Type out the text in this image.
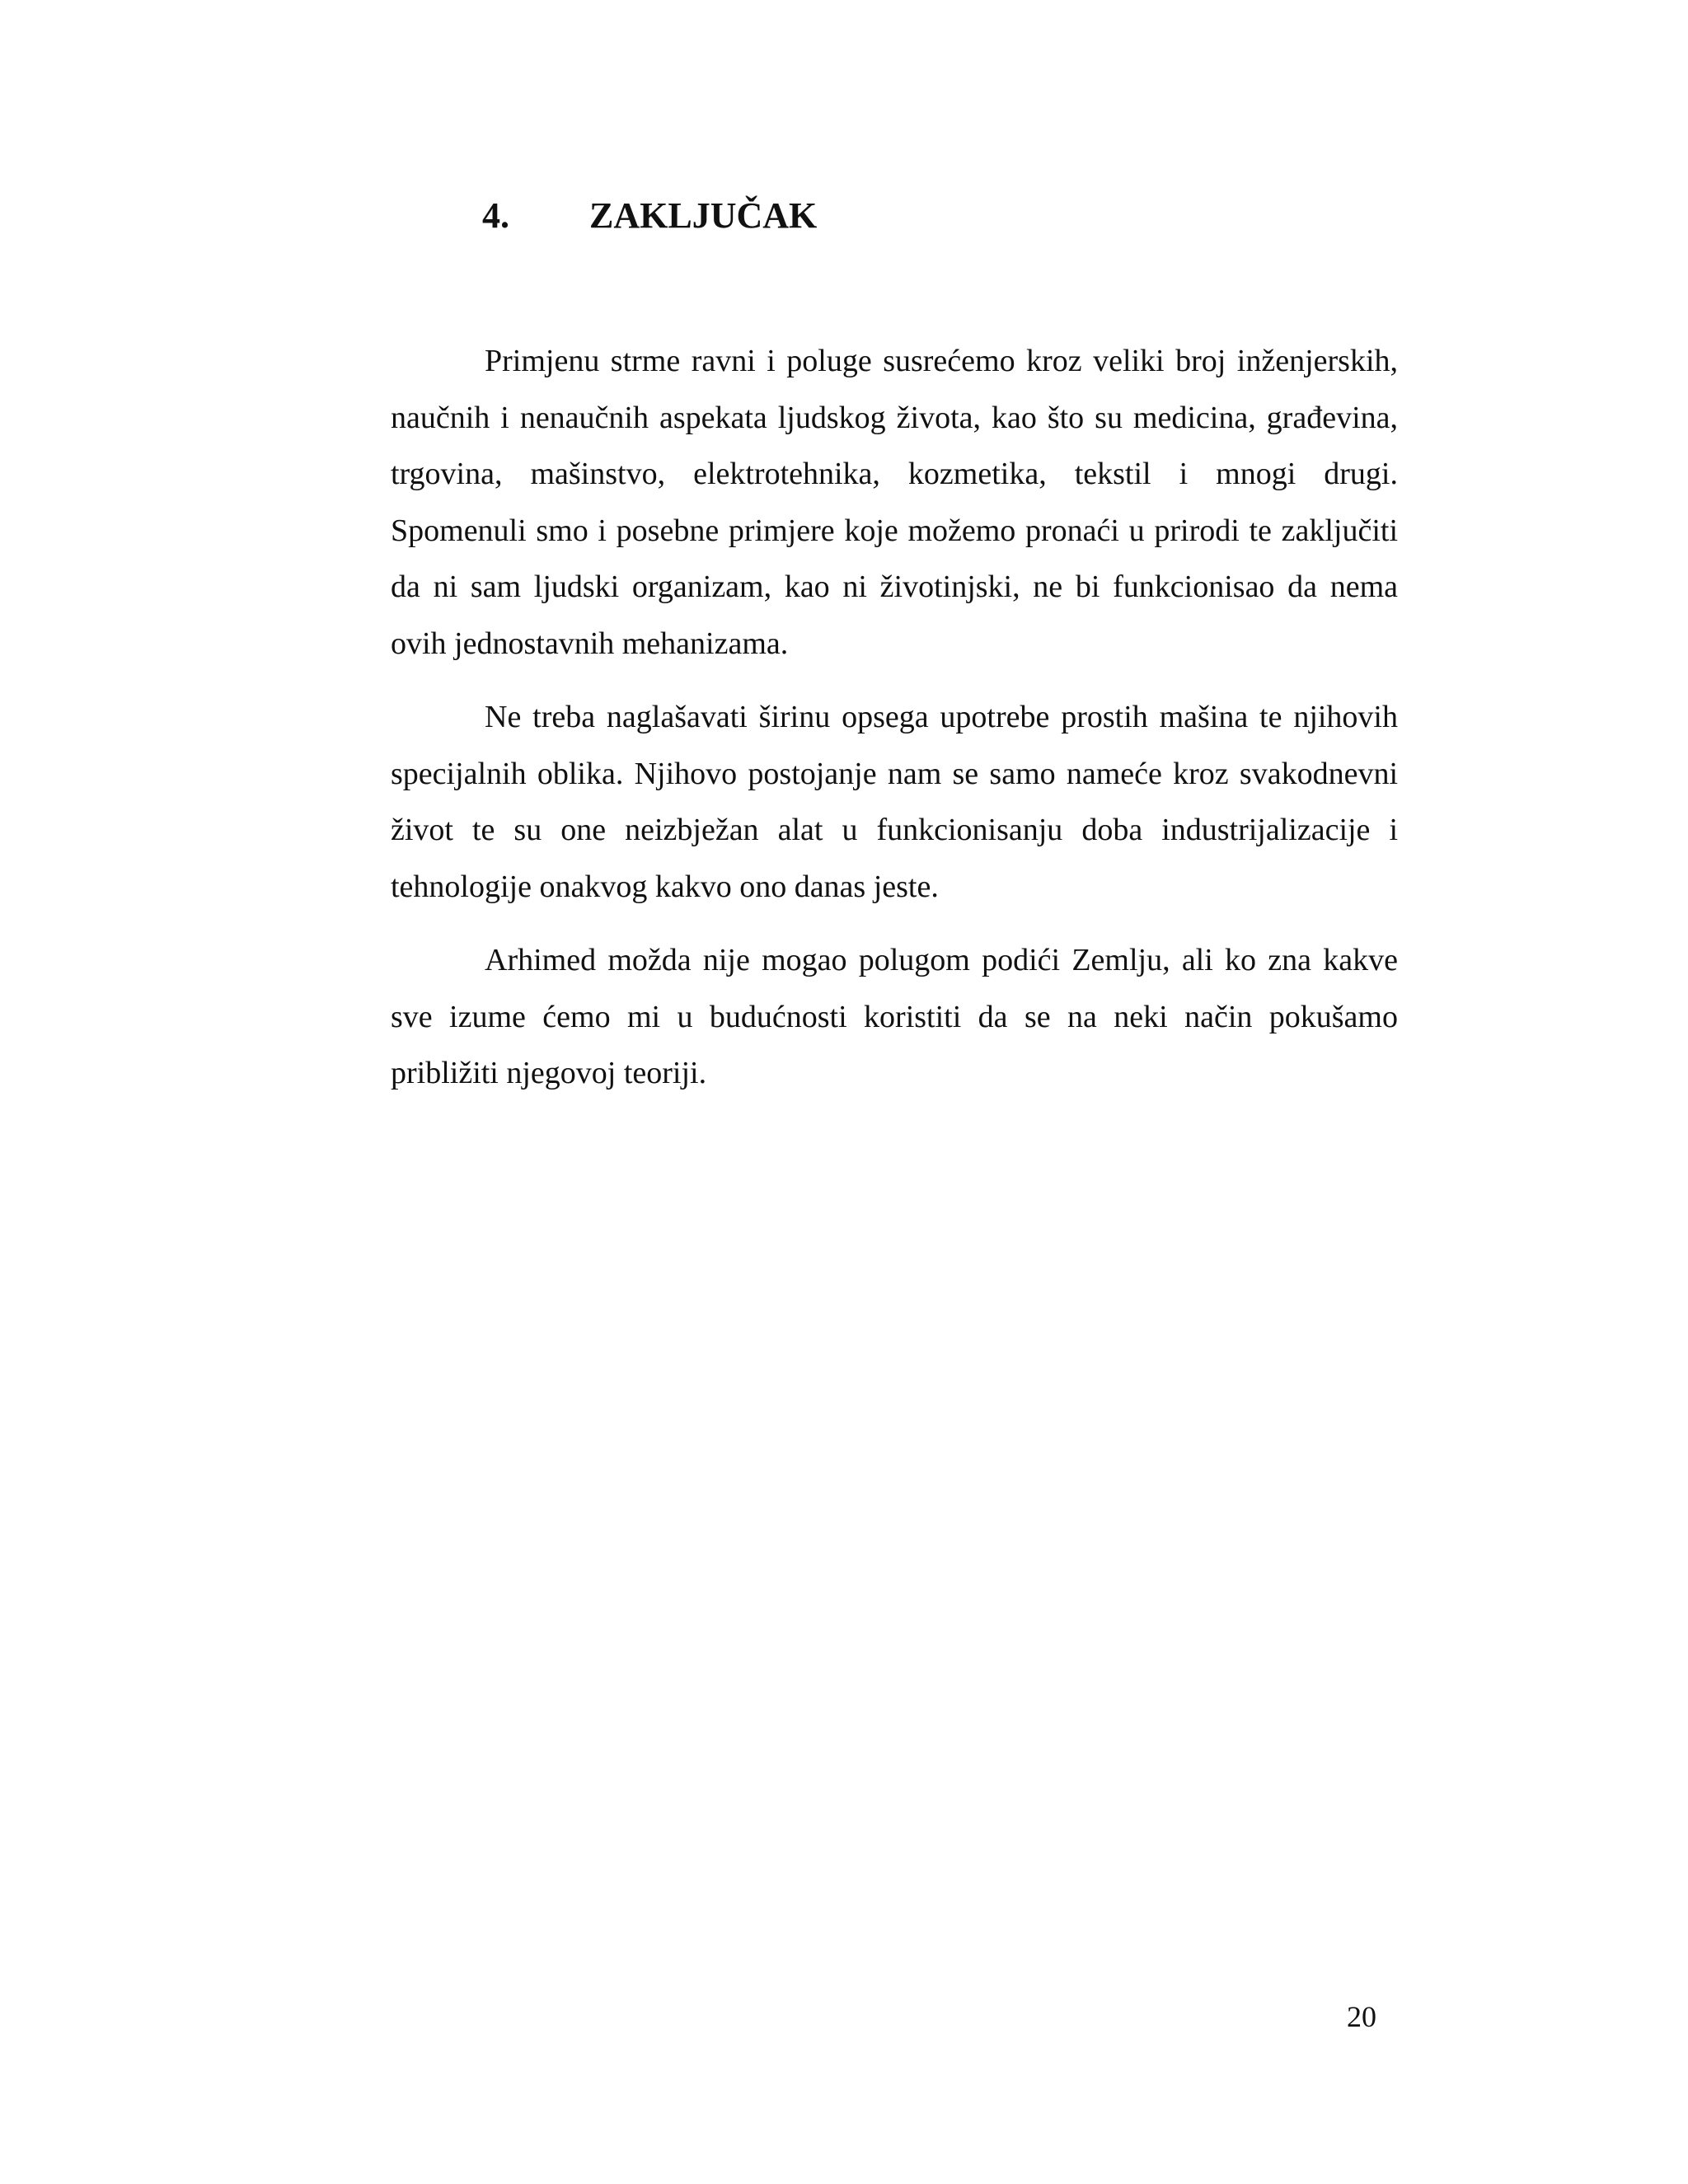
4. ZAKLJUČAK

Primjenu strme ravni i poluge susrećemo kroz veliki broj inženjerskih, naučnih i nenaučnih aspekata ljudskog života, kao što su medicina, građevina, trgovina, mašinstvo, elektrotehnika, kozmetika, tekstil i mnogi drugi. Spomenuli smo i posebne primjere koje možemo pronaći u prirodi te zaključiti da ni sam ljudski organizam, kao ni životinjski, ne bi funkcionisao da nema ovih jednostavnih mehanizama.

Ne treba naglašavati širinu opsega upotrebe prostih mašina te njihovih specijalnih oblika. Njihovo postojanje nam se samo nameće kroz svakodnevni život te su one neizbježan alat u funkcionisanju doba industrijalizacije i tehnologije onakvog kakvo ono danas jeste.

Arhimed možda nije mogao polugom podići Zemlju, ali ko zna kakve sve izume ćemo mi u budućnosti koristiti da se na neki način pokušamo približiti njegovoj teoriji.

20
